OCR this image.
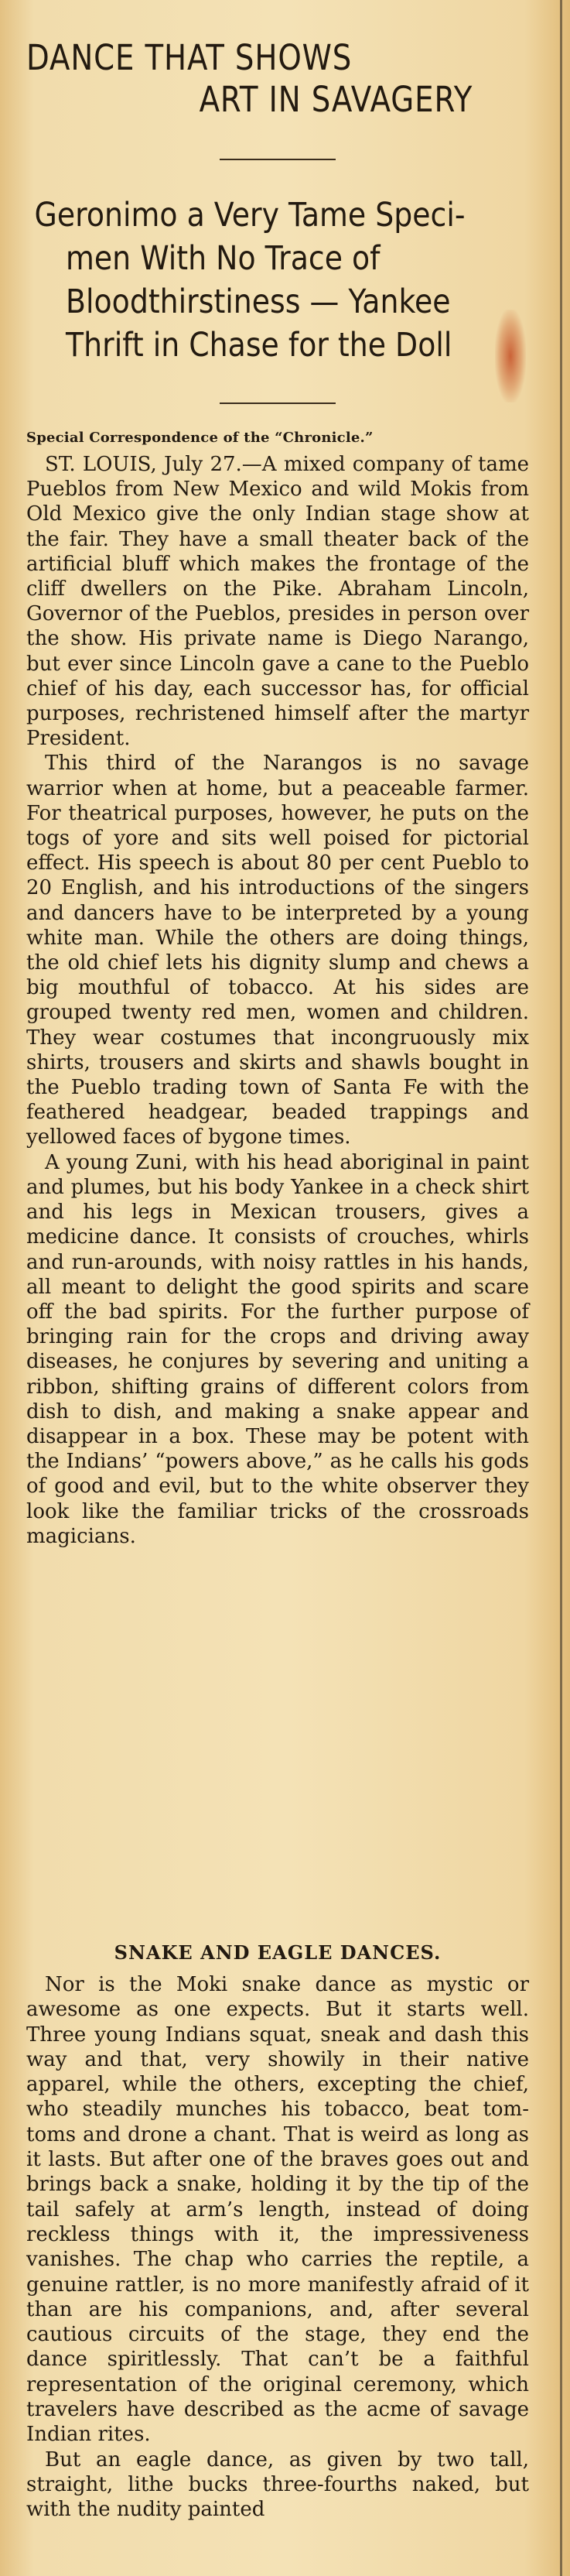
DANCE THAT SHOWS
ART IN SAVAGERY
Geronimo a Very Tame Speci-
men With No Trace of
Bloodthirstiness — Yankee
Thrift in Chase for the Doll
Special Correspondence of the “Chronicle.”

ST. LOUIS, July 27.—A mixed company of tame Pueblos from New Mexico and wild Mokis from Old Mexico give the only Indian stage show at the fair. They have a small theater back of the artificial bluff which makes the frontage of the cliff dwellers on the Pike. Abraham Lincoln, Governor of the Pueblos, presides in person over the show. His private name is Diego Narango, but ever since Lincoln gave a cane to the Pueblo chief of his day, each successor has, for official purposes, rechristened himself after the martyr President.

This third of the Narangos is no savage warrior when at home, but a peaceable farmer. For theatrical purposes, however, he puts on the togs of yore and sits well poised for pictorial effect. His speech is about 80 per cent Pueblo to 20 English, and his introductions of the singers and dancers have to be interpreted by a young white man. While the others are doing things, the old chief lets his dignity slump and chews a big mouthful of tobacco. At his sides are grouped twenty red men, women and children. They wear costumes that incongruously mix shirts, trousers and skirts and shawls bought in the Pueblo trading town of Santa Fe with the feathered headgear, beaded trappings and yellowed faces of bygone times.

A young Zuni, with his head aboriginal in paint and plumes, but his body Yankee in a check shirt and his legs in Mexican trousers, gives a medicine dance. It consists of crouches, whirls and run-arounds, with noisy rattles in his hands, all meant to delight the good spirits and scare off the bad spirits. For the further purpose of bringing rain for the crops and driving away diseases, he conjures by severing and uniting a ribbon, shifting grains of different colors from dish to dish, and making a snake appear and disappear in a box. These may be potent with the Indians’ “powers above,” as he calls his gods of good and evil, but to the white observer they look like the familiar tricks of the crossroads magicians.

SNAKE AND EAGLE DANCES.

Nor is the Moki snake dance as mystic or awesome as one expects. But it starts well. Three young Indians squat, sneak and dash this way and that, very showily in their native apparel, while the others, excepting the chief, who steadily munches his tobacco, beat tom-toms and drone a chant. That is weird as long as it lasts. But after one of the braves goes out and brings back a snake, holding it by the tip of the tail safely at arm’s length, instead of doing reckless things with it, the impressiveness vanishes. The chap who carries the reptile, a genuine rattler, is no more manifestly afraid of it than are his companions, and, after several cautious circuits of the stage, they end the dance spiritlessly. That can’t be a faithful representation of the original ceremony, which travelers have described as the acme of savage Indian rites.

But an eagle dance, as given by two tall, straight, lithe bucks three-fourths naked, but with the nudity painted
